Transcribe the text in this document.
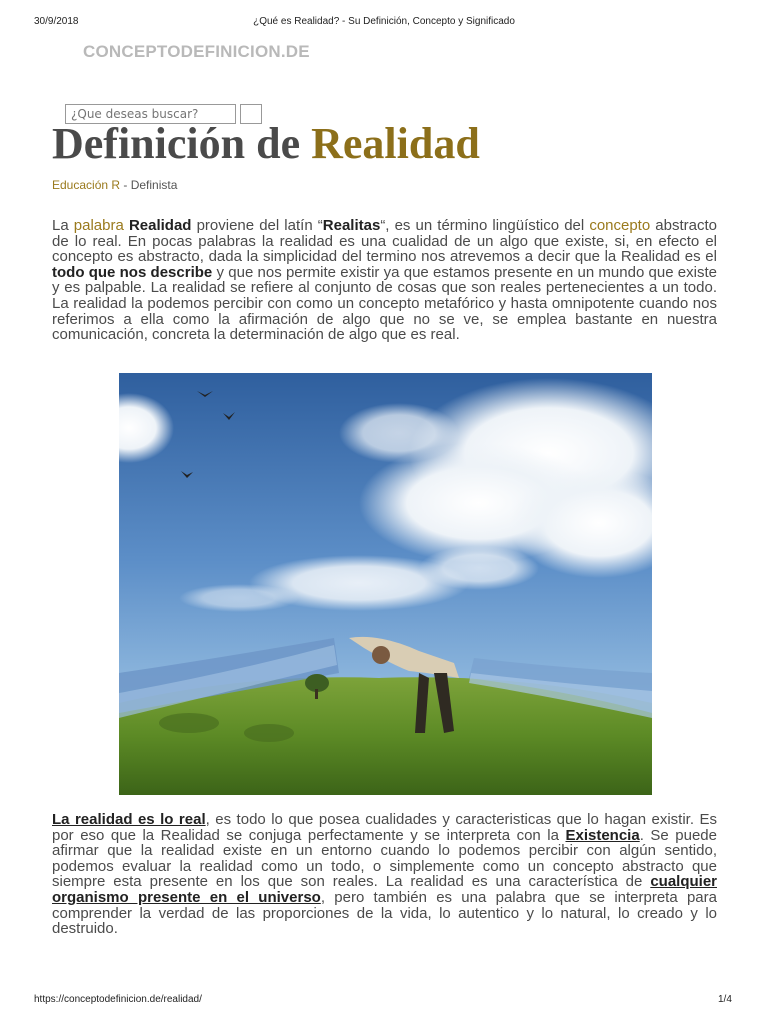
30/9/2018	¿Qué es Realidad? - Su Definición, Concepto y Significado
CONCEPTODEFINICION.DE
¿Que deseas buscar?
Definición de Realidad
Educación R - Definista

La palabra Realidad proviene del latín “Realitas“, es un término lingüístico del concepto abstracto de lo real. En pocas palabras la realidad es una cualidad de un algo que existe, si, en efecto el concepto es abstracto, dada la simplicidad del termino nos atrevemos a decir que la Realidad es el todo que nos describe y que nos permite existir ya que estamos presente en un mundo que existe y es palpable. La realidad se refiere al conjunto de cosas que son reales pertenecientes a un todo. La realidad la podemos percibir con como un concepto metafórico y hasta omnipotente cuando nos referimos a ella como la afirmación de algo que no se ve, se emplea bastante en nuestra comunicación, concreta la determinación de algo que es real.

La realidad es lo real, es todo lo que posea cualidades y caracteristicas que lo hagan existir. Es por eso que la Realidad se conjuga perfectamente y se interpreta con la Existencia. Se puede afirmar que la realidad existe en un entorno cuando lo podemos percibir con algún sentido, podemos evaluar la realidad como un todo, o simplemente como un concepto abstracto que siempre esta presente en los que son reales. La realidad es una característica de cualquier organismo presente en el universo, pero también es una palabra que se interpreta para comprender la verdad de las proporciones de la vida, lo autentico y lo natural, lo creado y lo destruido.

https://conceptodefinicion.de/realidad/	1/4
